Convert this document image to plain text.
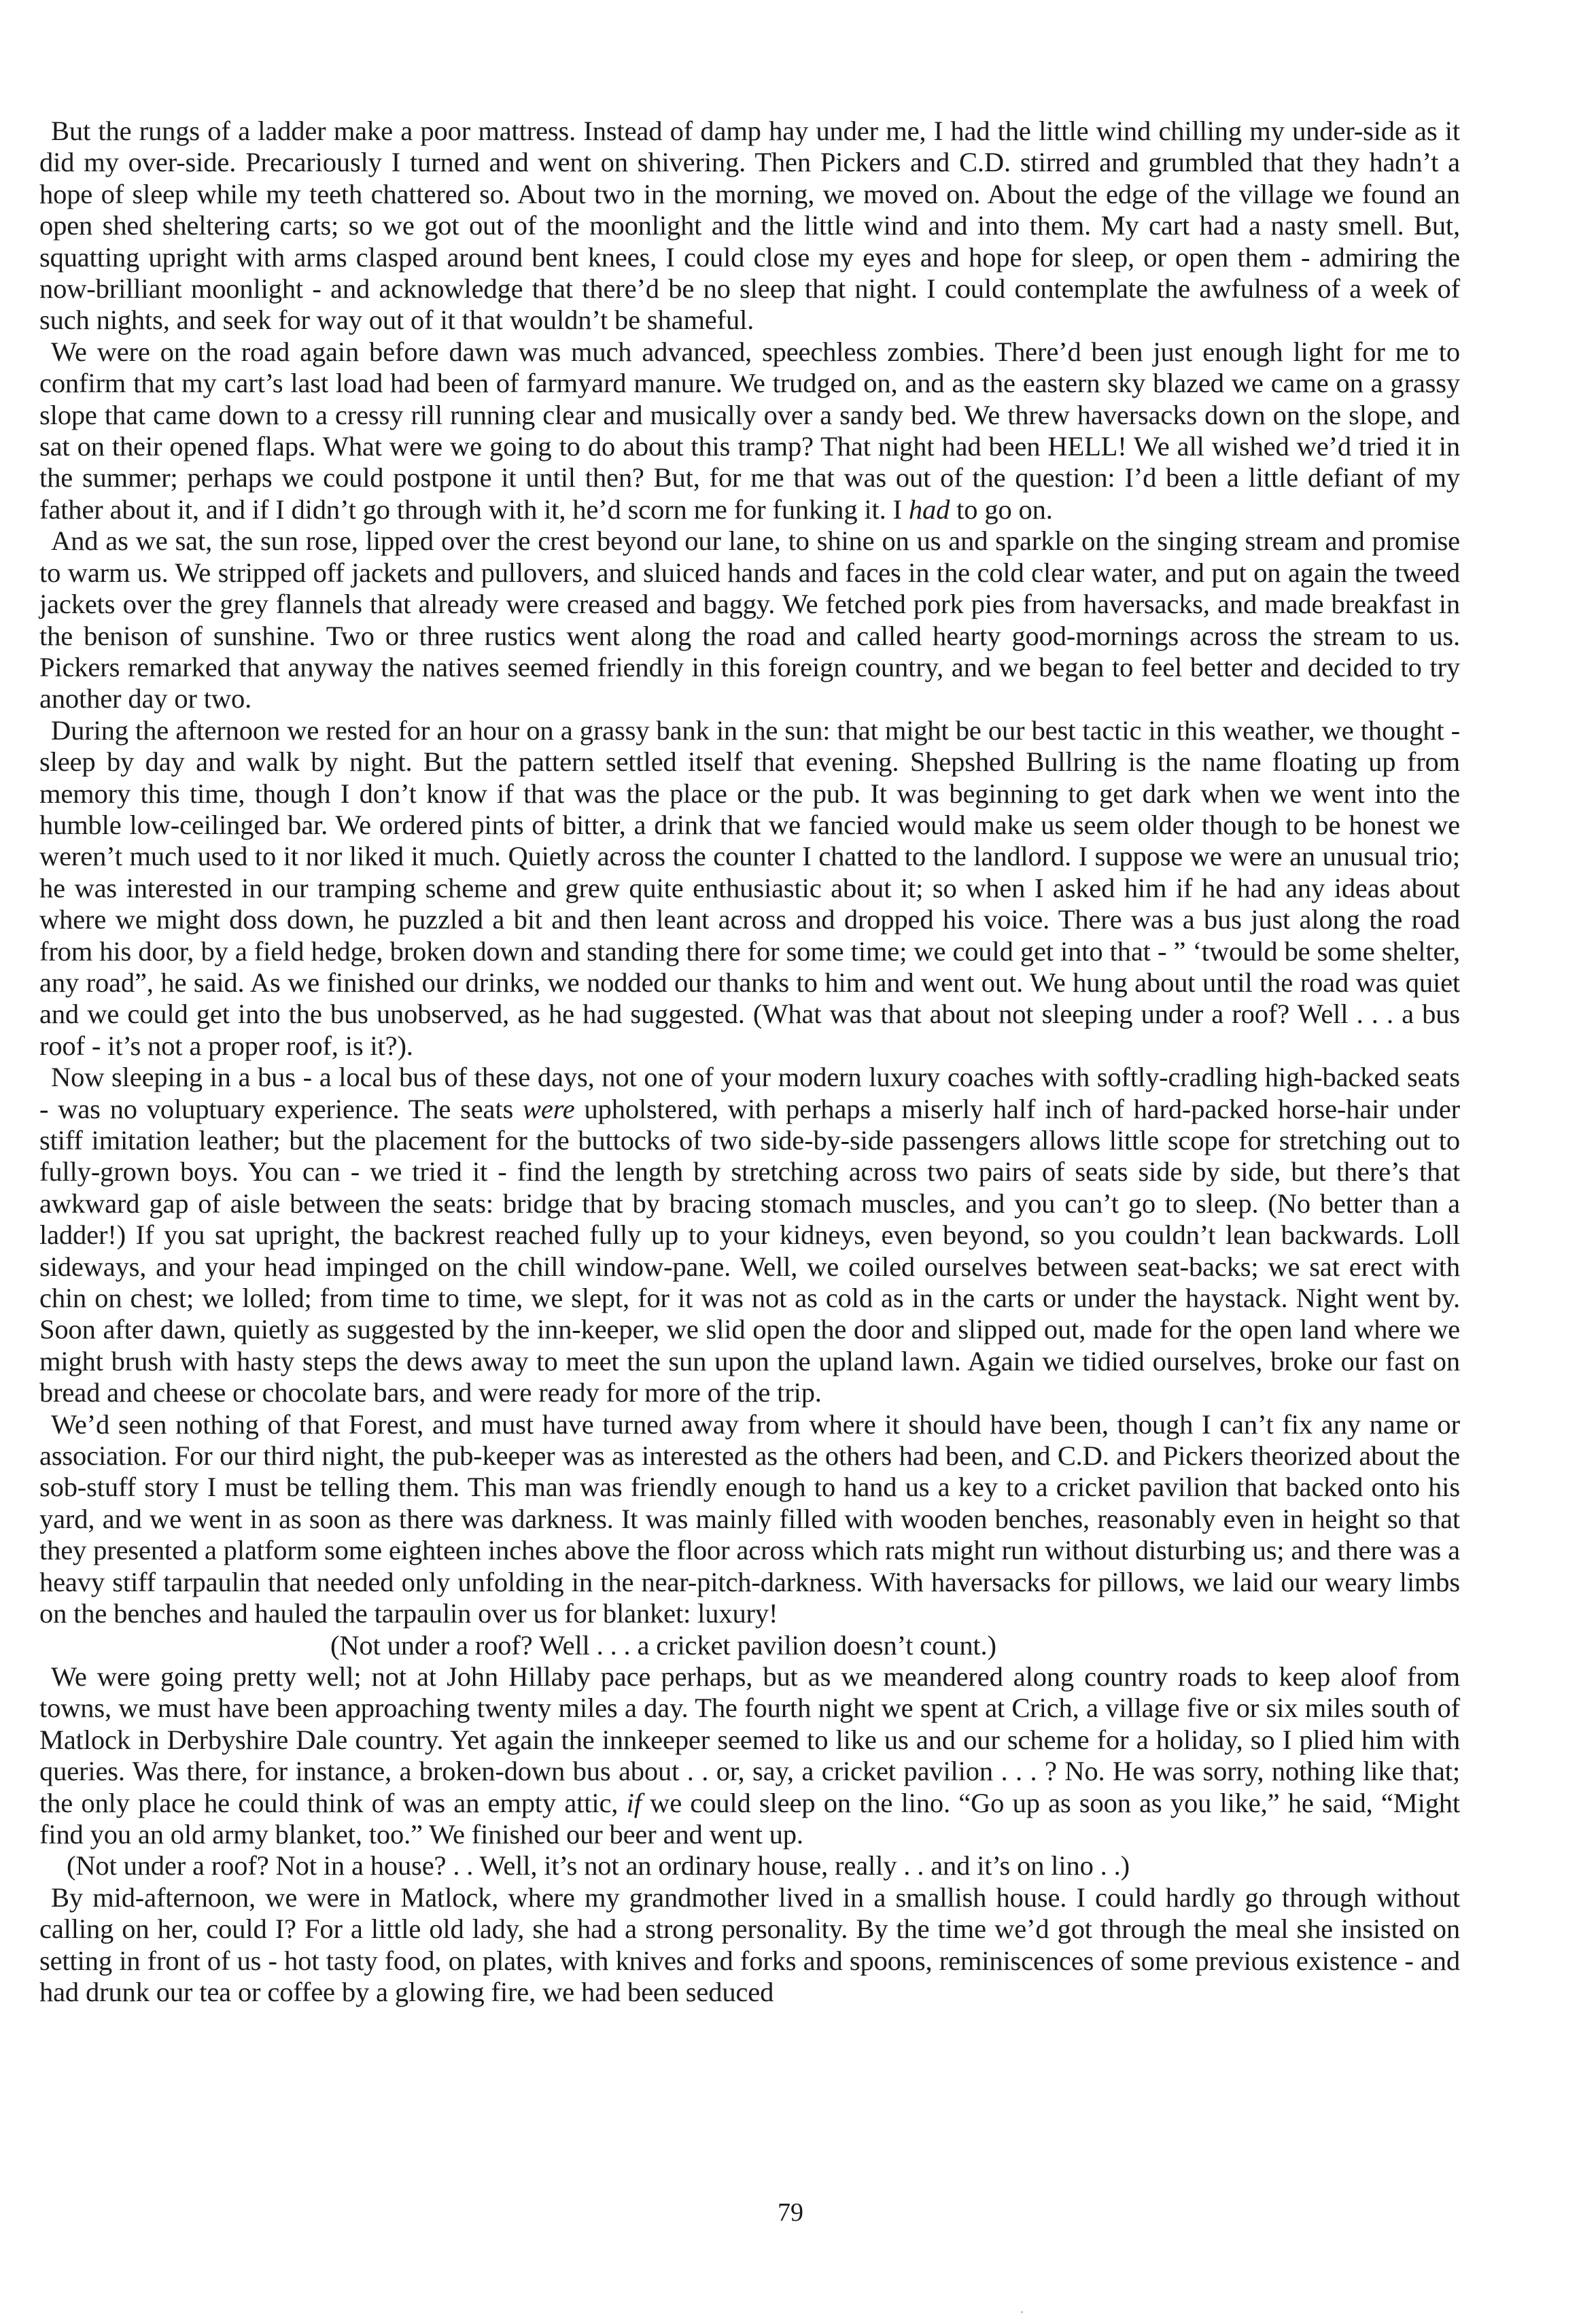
But the rungs of a ladder make a poor mattress. Instead of damp hay under me, I had the little wind chilling my under-side as it did my over-side. Precariously I turned and went on shivering. Then Pickers and C.D. stirred and grumbled that they hadn’t a hope of sleep while my teeth chattered so. About two in the morning, we moved on. About the edge of the village we found an open shed sheltering carts; so we got out of the moonlight and the little wind and into them. My cart had a nasty smell. But, squatting upright with arms clasped around bent knees, I could close my eyes and hope for sleep, or open them - admiring the now-brilliant moonlight - and acknowledge that there’d be no sleep that night. I could contemplate the awfulness of a week of such nights, and seek for way out of it that wouldn’t be shameful.

We were on the road again before dawn was much advanced, speechless zombies. There’d been just enough light for me to confirm that my cart’s last load had been of farmyard manure. We trudged on, and as the eastern sky blazed we came on a grassy slope that came down to a cressy rill running clear and musically over a sandy bed. We threw haversacks down on the slope, and sat on their opened flaps. What were we going to do about this tramp? That night had been HELL! We all wished we’d tried it in the summer; perhaps we could postpone it until then? But, for me that was out of the question: I’d been a little defiant of my father about it, and if I didn’t go through with it, he’d scorn me for funking it. I had to go on.

And as we sat, the sun rose, lipped over the crest beyond our lane, to shine on us and sparkle on the singing stream and promise to warm us. We stripped off jackets and pullovers, and sluiced hands and faces in the cold clear water, and put on again the tweed jackets over the grey flannels that already were creased and baggy. We fetched pork pies from haversacks, and made breakfast in the benison of sunshine. Two or three rustics went along the road and called hearty good-mornings across the stream to us. Pickers remarked that anyway the natives seemed friendly in this foreign country, and we began to feel better and decided to try another day or two.

During the afternoon we rested for an hour on a grassy bank in the sun: that might be our best tactic in this weather, we thought - sleep by day and walk by night. But the pattern settled itself that evening. Shepshed Bullring is the name floating up from memory this time, though I don’t know if that was the place or the pub. It was beginning to get dark when we went into the humble low-ceilinged bar. We ordered pints of bitter, a drink that we fancied would make us seem older though to be honest we weren’t much used to it nor liked it much. Quietly across the counter I chatted to the landlord. I suppose we were an unusual trio; he was interested in our tramping scheme and grew quite enthusiastic about it; so when I asked him if he had any ideas about where we might doss down, he puzzled a bit and then leant across and dropped his voice. There was a bus just along the road from his door, by a field hedge, broken down and standing there for some time; we could get into that - ” ‘twould be some shelter, any road”, he said. As we finished our drinks, we nodded our thanks to him and went out. We hung about until the road was quiet and we could get into the bus unobserved, as he had suggested. (What was that about not sleeping under a roof? Well . . . a bus roof - it’s not a proper roof, is it?).

Now sleeping in a bus - a local bus of these days, not one of your modern luxury coaches with softly-cradling high-backed seats - was no voluptuary experience. The seats were upholstered, with perhaps a miserly half inch of hard-packed horse-hair under stiff imitation leather; but the placement for the buttocks of two side-by-side passengers allows little scope for stretching out to fully-grown boys. You can - we tried it - find the length by stretching across two pairs of seats side by side, but there’s that awkward gap of aisle between the seats: bridge that by bracing stomach muscles, and you can’t go to sleep. (No better than a ladder!) If you sat upright, the backrest reached fully up to your kidneys, even beyond, so you couldn’t lean backwards. Loll sideways, and your head impinged on the chill window-pane. Well, we coiled ourselves between seat-backs; we sat erect with chin on chest; we lolled; from time to time, we slept, for it was not as cold as in the carts or under the haystack. Night went by. Soon after dawn, quietly as suggested by the inn-keeper, we slid open the door and slipped out, made for the open land where we might brush with hasty steps the dews away to meet the sun upon the upland lawn. Again we tidied ourselves, broke our fast on bread and cheese or chocolate bars, and were ready for more of the trip.

We’d seen nothing of that Forest, and must have turned away from where it should have been, though I can’t fix any name or association. For our third night, the pub-keeper was as interested as the others had been, and C.D. and Pickers theorized about the sob-stuff story I must be telling them. This man was friendly enough to hand us a key to a cricket pavilion that backed onto his yard, and we went in as soon as there was darkness. It was mainly filled with wooden benches, reasonably even in height so that they presented a platform some eighteen inches above the floor across which rats might run without disturbing us; and there was a heavy stiff tarpaulin that needed only unfolding in the near-pitch-darkness. With haversacks for pillows, we laid our weary limbs on the benches and hauled the tarpaulin over us for blanket: luxury!

(Not under a roof? Well . . . a cricket pavilion doesn’t count.)

We were going pretty well; not at John Hillaby pace perhaps, but as we meandered along country roads to keep aloof from towns, we must have been approaching twenty miles a day. The fourth night we spent at Crich, a village five or six miles south of Matlock in Derbyshire Dale country. Yet again the innkeeper seemed to like us and our scheme for a holiday, so I plied him with queries. Was there, for instance, a broken-down bus about . . or, say, a cricket pavilion . . . ? No. He was sorry, nothing like that; the only place he could think of was an empty attic, if we could sleep on the lino. “Go up as soon as you like,” he said, “Might find you an old army blanket, too.” We finished our beer and went up.

(Not under a roof? Not in a house? . . Well, it’s not an ordinary house, really . . and it’s on lino . .)

By mid-afternoon, we were in Matlock, where my grandmother lived in a smallish house. I could hardly go through without calling on her, could I? For a little old lady, she had a strong personality. By the time we’d got through the meal she insisted on setting in front of us - hot tasty food, on plates, with knives and forks and spoons, reminiscences of some previous existence - and had drunk our tea or coffee by a glowing fire, we had been seduced

79
